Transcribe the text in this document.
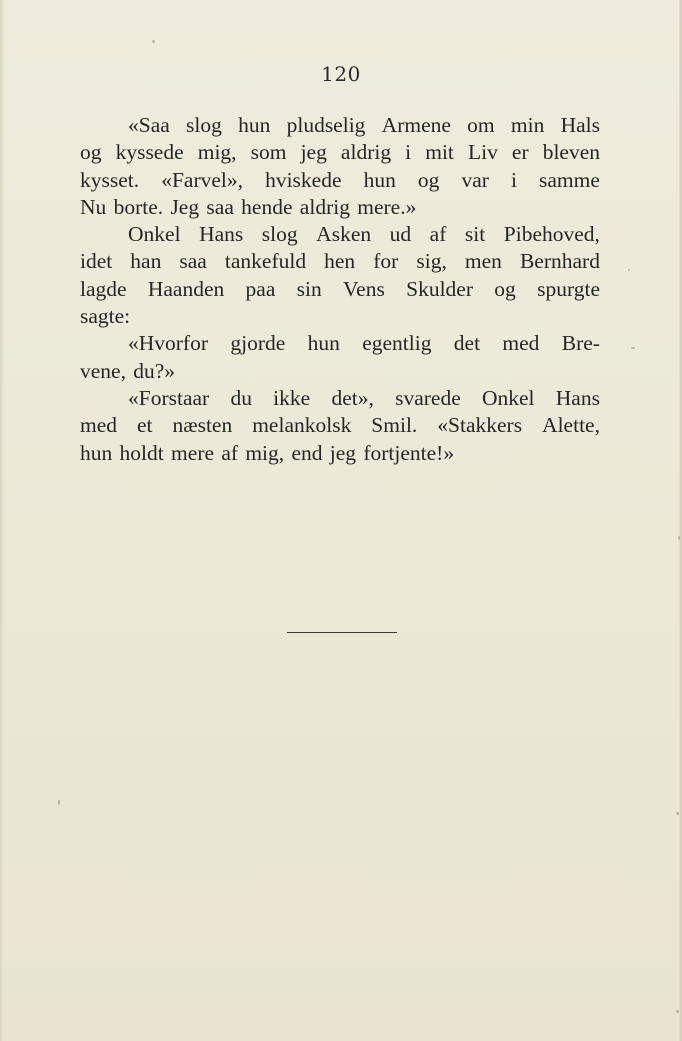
120
«Saa slog hun pludselig Armene om min Hals
og kyssede mig, som jeg aldrig i mit Liv er bleven
kysset. «Farvel», hviskede hun og var i samme
Nu borte. Jeg saa hende aldrig mere.»
Onkel Hans slog Asken ud af sit Pibehoved,
idet han saa tankefuld hen for sig, men Bernhard
lagde Haanden paa sin Vens Skulder og spurgte
sagte:
«Hvorfor gjorde hun egentlig det med Bre-
vene, du?»
«Forstaar du ikke det», svarede Onkel Hans
med et næsten melankolsk Smil. «Stakkers Alette,
hun holdt mere af mig, end jeg fortjente!»
